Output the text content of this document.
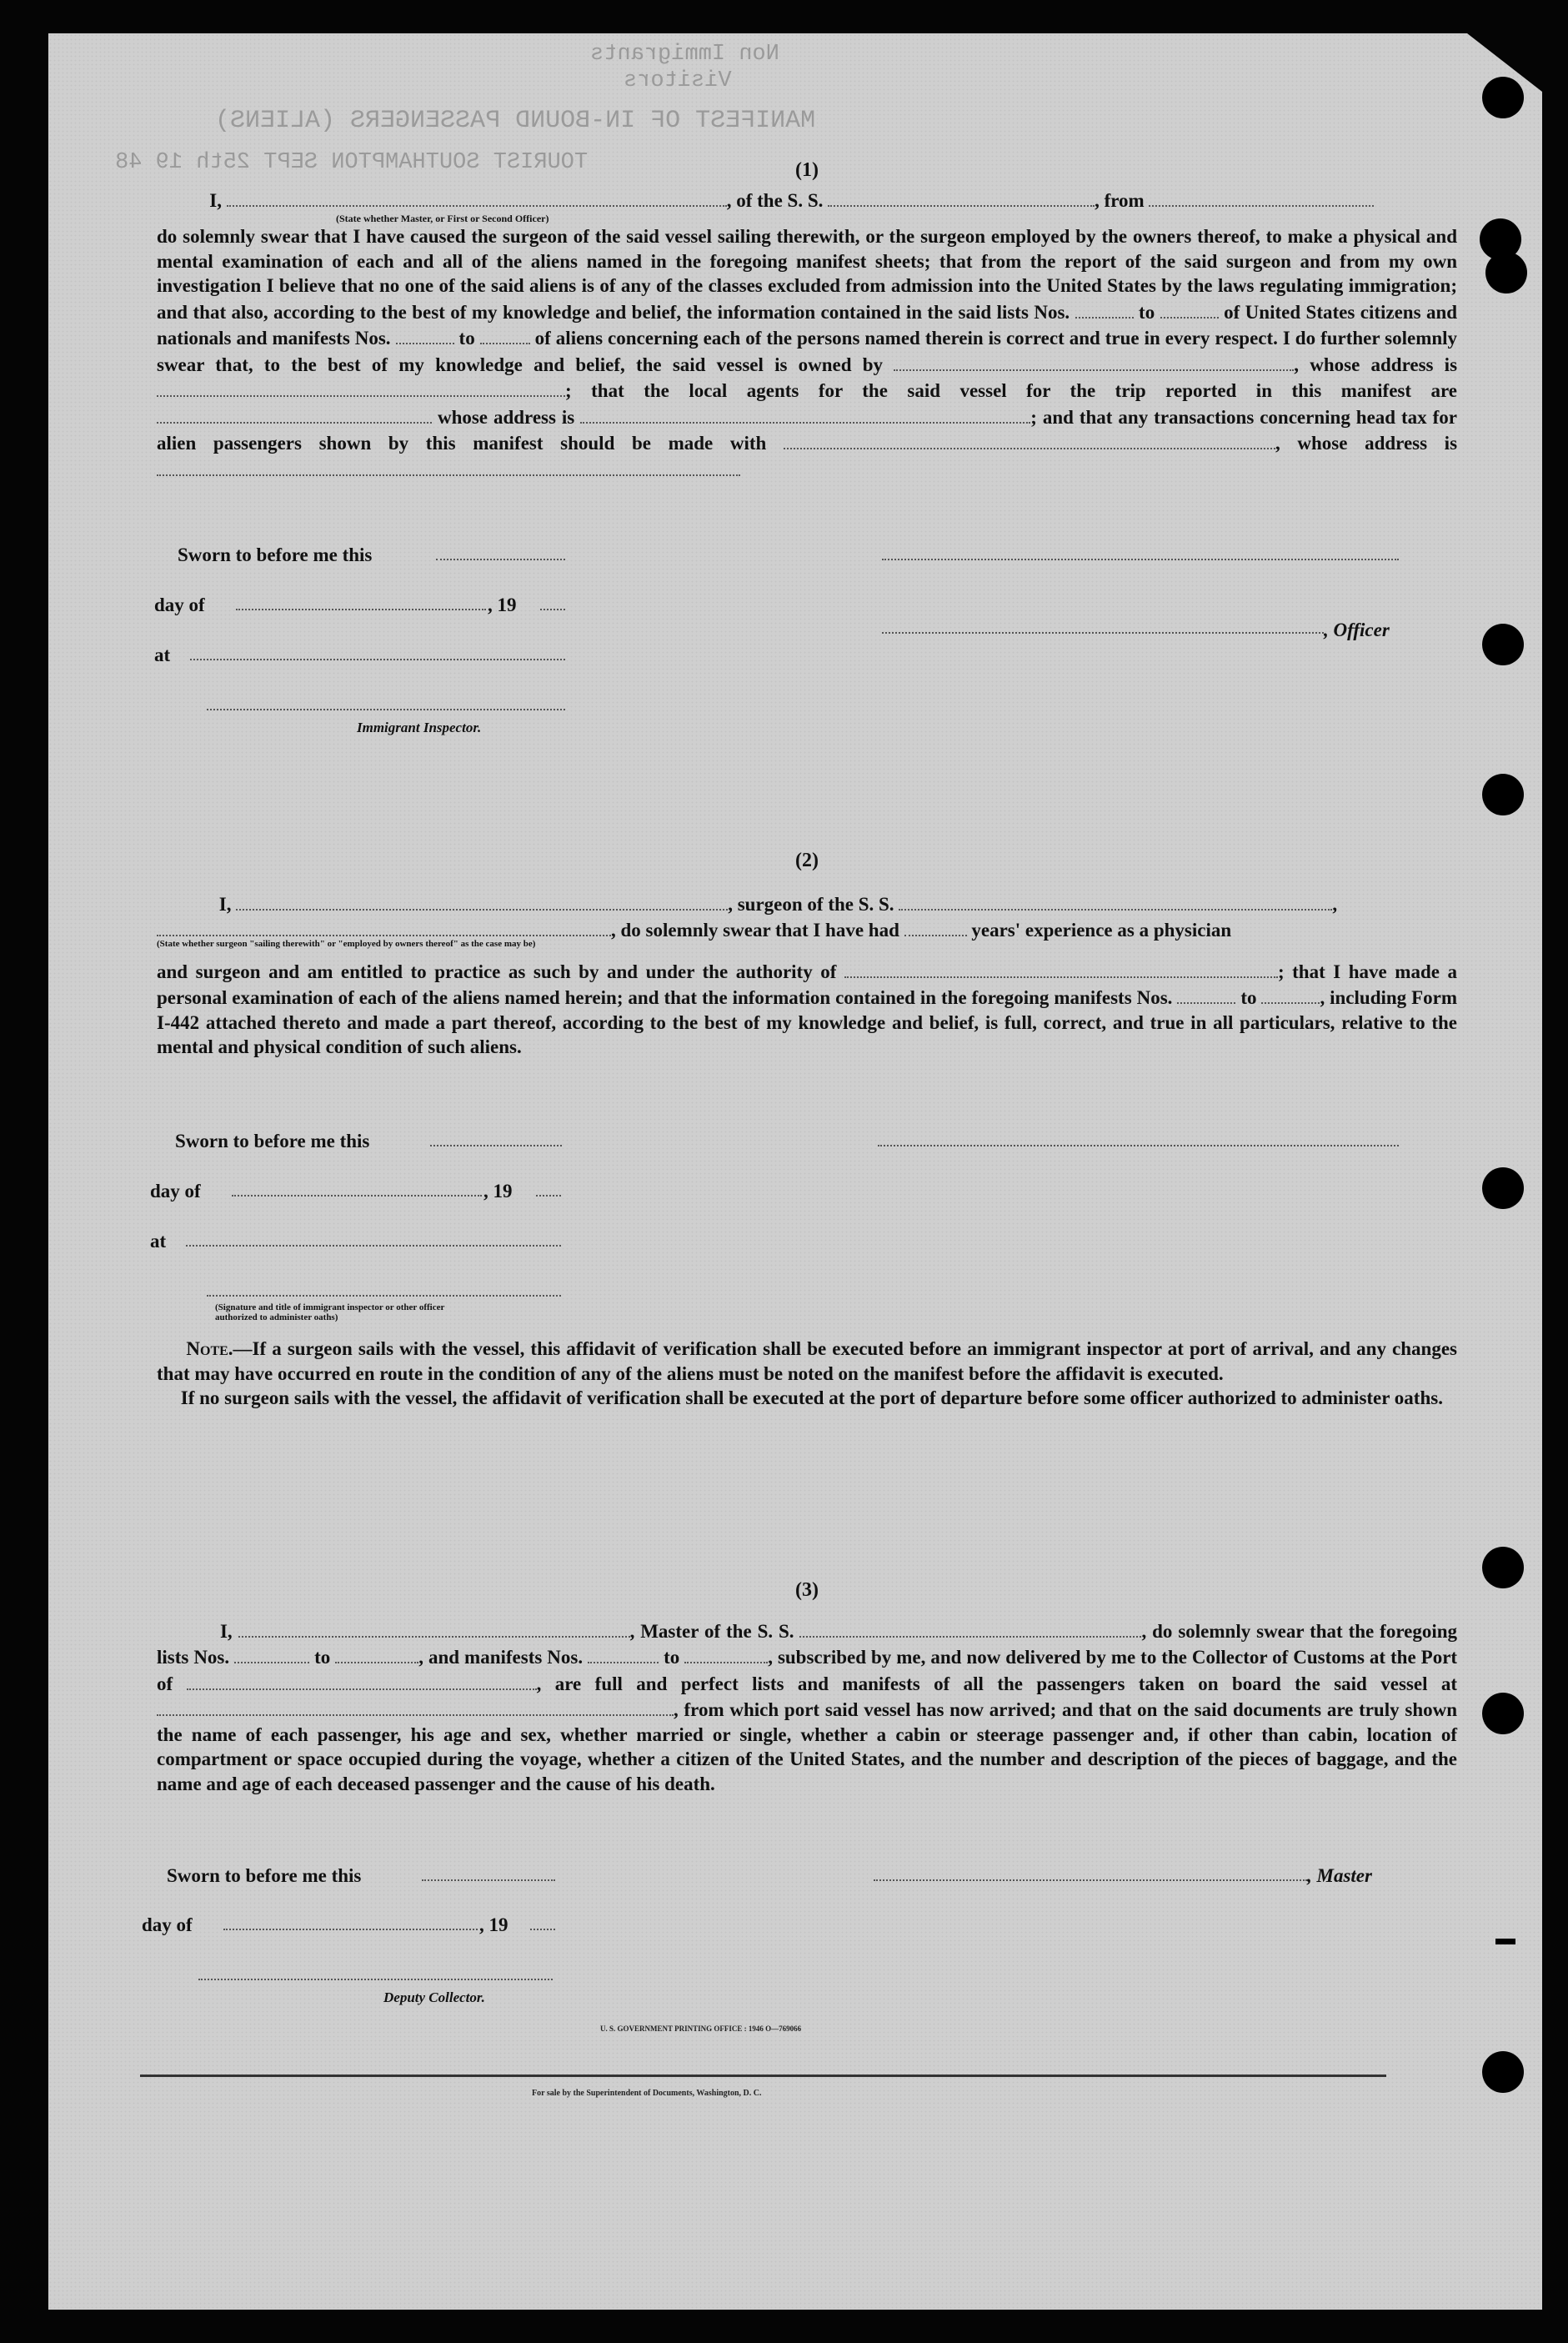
Non Immigrants
Visitors
MANIFEST OF IN-BOUND PASSENGERS (ALIENS)
TOURIST SOUTHAMPTON SEPT 25th 19 48	(1)
I,	, of the S. S.	, from
(State whether Master, or First or Second Officer)
do solemnly swear that I have caused the surgeon of the said vessel sailing therewith, or the surgeon employed by the owners thereof, to make a physical and mental examination of each and all of the aliens named in the foregoing manifest sheets; that from the report of the said surgeon and from my own investigation I believe that no one of the said aliens is of any of the classes excluded from admission into the United States by the laws regulating immigration; and that also, according to the best of my knowledge and belief, the information contained in the said lists Nos.	to	of United States citizens and nationals and manifests Nos.	to	of aliens concerning each of the persons named therein is correct and true in every respect. I do further solemnly swear that, to the best of my knowledge and belief, the said vessel is owned by	, whose address is ; that the local agents for the said vessel for the trip reported in this manifest are  whose address is	; and that any transactions concerning head tax for alien passengers shown by this manifest should be made with	, whose address is
Sworn to before me this
day of	, 19
, Officer
at
Immigrant Inspector.
(2)
I,	, surgeon of the S. S.	,
, do solemnly swear that I have had	years' experience as a physician
(State whether surgeon "sailing therewith" or "employed by owners thereof" as the case may be)
and surgeon and am entitled to practice as such by and under the authority of	; that I have made a personal examination of each of the aliens named herein; and that the information contained in the foregoing manifests Nos.	to	, including Form I-442 attached thereto and made a part thereof, according to the best of my knowledge and belief, is full, correct, and true in all particulars, relative to the mental and physical condition of such aliens.
Sworn to before me this
day of	, 19
at
(Signature and title of immigrant inspector or other officer authorized to administer oaths)
Note.—If a surgeon sails with the vessel, this affidavit of verification shall be executed before an immigrant inspector at port of arrival, and any changes that may have occurred en route in the condition of any of the aliens must be noted on the manifest before the affidavit is executed.
If no surgeon sails with the vessel, the affidavit of verification shall be executed at the port of departure before some officer authorized to administer oaths.
(3)
I,	, Master of the S. S.	, do solemnly swear that the foregoing lists Nos.	to	, and manifests Nos.	to	, subscribed by me, and now delivered by me to the Collector of Customs at the Port of	, are full and perfect lists and manifests of all the passengers taken on board the said vessel at , from which port said vessel has now arrived; and that on the said documents are truly shown the name of each passenger, his age and sex, whether married or single, whether a cabin or steerage passenger and, if other than cabin, location of compartment or space occupied during the voyage, whether a citizen of the United States, and the number and description of the pieces of baggage, and the name and age of each deceased passenger and the cause of his death.
Sworn to before me this	, Master
day of	, 19
Deputy Collector.
U. S. GOVERNMENT PRINTING OFFICE : 1946 O—769066
For sale by the Superintendent of Documents, Washington, D. C.
